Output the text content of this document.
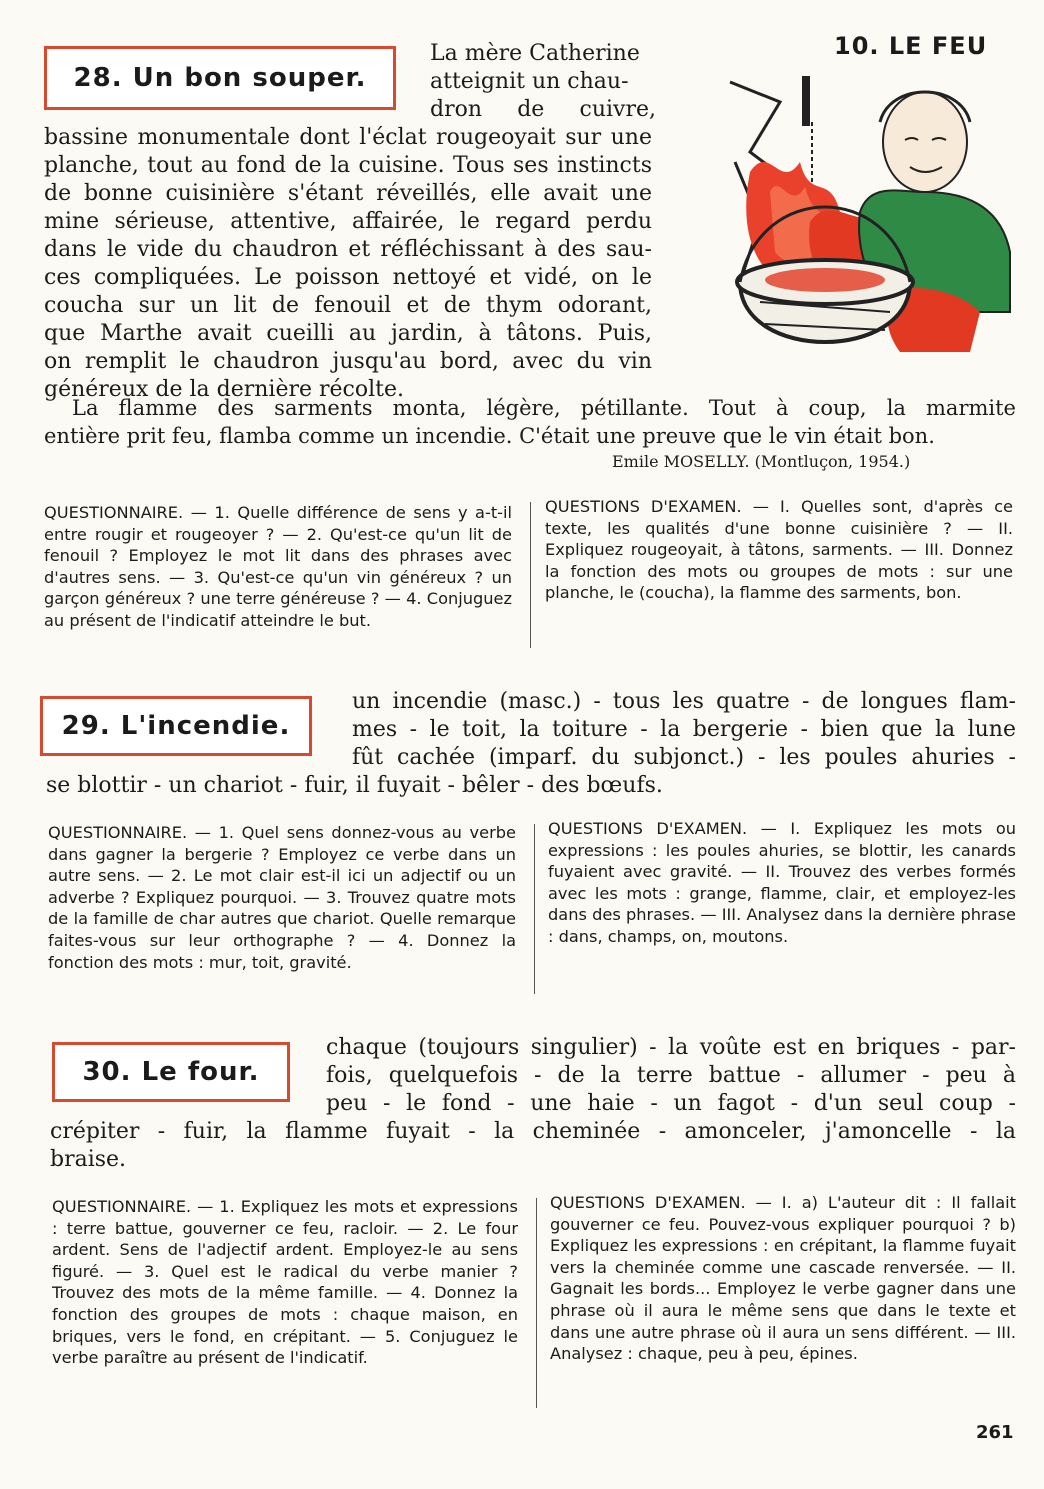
10. LE FEU
28. Un bon souper.
La mère Catherine
atteignit un chau-
dron de cuivre,
bassine monumentale dont l'éclat rougeoyait sur une
planche, tout au fond de la cuisine. Tous ses instincts
de bonne cuisinière s'étant réveillés, elle avait une
mine sérieuse, attentive, affairée, le regard perdu
dans le vide du chaudron et réfléchissant à des sau-
ces compliquées. Le poisson nettoyé et vidé, on le
coucha sur un lit de fenouil et de thym odorant,
que Marthe avait cueilli au jardin, à tâtons. Puis,
on remplit le chaudron jusqu'au bord, avec du vin
généreux de la dernière récolte.
La flamme des sarments monta, légère, pétillante. Tout à coup, la marmite
entière prit feu, flamba comme un incendie. C'était une preuve que le vin était bon.
Emile MOSELLY. (Montluçon, 1954.)
QUESTIONNAIRE. — 1. Quelle différence de sens y a-t-il entre rougir et rougeoyer ? — 2. Qu'est-ce qu'un lit de fenouil ? Employez le mot lit dans des phrases avec d'autres sens. — 3. Qu'est-ce qu'un vin généreux ? un garçon généreux ? une terre généreuse ? — 4. Conjuguez au présent de l'indicatif atteindre le but.
QUESTIONS D'EXAMEN. — I. Quelles sont, d'après ce texte, les qualités d'une bonne cuisinière ? — II. Expliquez rougeoyait, à tâtons, sarments. — III. Donnez la fonction des mots ou groupes de mots : sur une planche, le (coucha), la flamme des sarments, bon.
29. L'incendie.
un incendie (masc.) - tous les quatre - de longues flam-
mes - le toit, la toiture - la bergerie - bien que la lune
fût cachée (imparf. du subjonct.) - les poules ahuries -
se blottir - un chariot - fuir, il fuyait - bêler - des bœufs.
QUESTIONNAIRE. — 1. Quel sens donnez-vous au verbe dans gagner la bergerie ? Employez ce verbe dans un autre sens. — 2. Le mot clair est-il ici un adjectif ou un adverbe ? Expliquez pourquoi. — 3. Trouvez quatre mots de la famille de char autres que chariot. Quelle remarque faites-vous sur leur orthographe ? — 4. Donnez la fonction des mots : mur, toit, gravité.
QUESTIONS D'EXAMEN. — I. Expliquez les mots ou expressions : les poules ahuries, se blottir, les canards fuyaient avec gravité. — II. Trouvez des verbes formés avec les mots : grange, flamme, clair, et employez-les dans des phrases. — III. Analysez dans la dernière phrase : dans, champs, on, moutons.
30. Le four.
chaque (toujours singulier) - la voûte est en briques - par-
fois, quelquefois - de la terre battue - allumer - peu à
peu - le fond - une haie - un fagot - d'un seul coup -
crépiter - fuir, la flamme fuyait - la cheminée - amonceler, j'amoncelle - la
braise.
QUESTIONNAIRE. — 1. Expliquez les mots et expressions : terre battue, gouverner ce feu, racloir. — 2. Le four ardent. Sens de l'adjectif ardent. Employez-le au sens figuré. — 3. Quel est le radical du verbe manier ? Trouvez des mots de la même famille. — 4. Donnez la fonction des groupes de mots : chaque maison, en briques, vers le fond, en crépitant. — 5. Conjuguez le verbe paraître au présent de l'indicatif.
QUESTIONS D'EXAMEN. — I. a) L'auteur dit : Il fallait gouverner ce feu. Pouvez-vous expliquer pourquoi ? b) Expliquez les expressions : en crépitant, la flamme fuyait vers la cheminée comme une cascade renversée. — II. Gagnait les bords... Employez le verbe gagner dans une phrase où il aura le même sens que dans le texte et dans une autre phrase où il aura un sens différent. — III. Analysez : chaque, peu à peu, épines.
261
